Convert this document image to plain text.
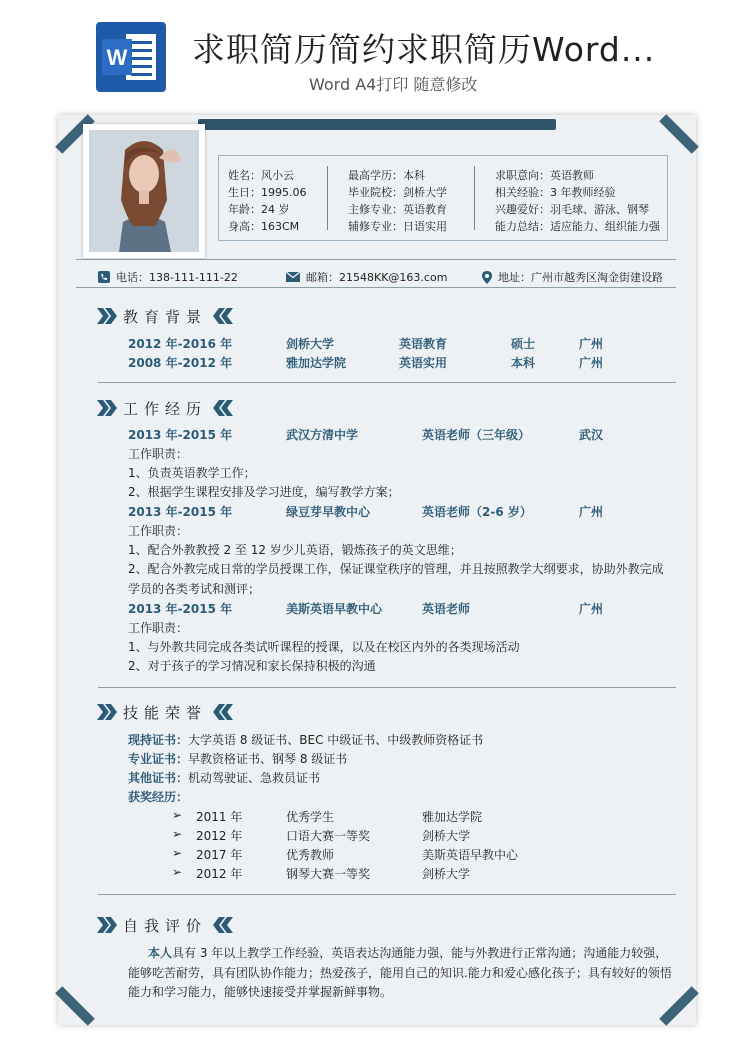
W 求职简历简约求职简历Word...
Word A4打印 随意修改
姓名：风小云
生日：1995.06
年龄：24 岁
身高：163CM
最高学历：本科
毕业院校：剑桥大学
主修专业：英语教育
辅修专业：日语实用
求职意向：英语教师
相关经验：3 年教师经验
兴趣爱好：羽毛球、游泳、钢琴
能力总结：适应能力、组织能力强
电话：138-111-111-22	邮箱：21548KK@163.com	地址：广州市越秀区淘金街建设路
教育背景
2012 年-2016 年	剑桥大学	英语教育	硕士	广州
2008 年-2012 年	雅加达学院	英语实用	本科	广州
工作经历
2013 年-2015 年	武汉方清中学	英语老师（三年级）	武汉
工作职责：
1、负责英语教学工作；
2、根据学生课程安排及学习进度，编写教学方案；
2013 年-2015 年	绿豆芽早教中心	英语老师（2-6 岁）	广州
工作职责：
1、配合外教教授 2 至 12 岁少儿英语，锻炼孩子的英文思维；
2、配合外教完成日常的学员授课工作，保证课堂秩序的管理，并且按照教学大纲要求，协助外教完成学员的各类考试和测评；
2013 年-2015 年	美斯英语早教中心	英语老师	广州
工作职责：
1、与外教共同完成各类试听课程的授课，以及在校区内外的各类现场活动
2、对于孩子的学习情况和家长保持积极的沟通
技能荣誉
现持证书：大学英语 8 级证书、BEC 中级证书、中级教师资格证书
专业证书：早教资格证书、钢琴 8 级证书
其他证书：机动驾驶证、急救员证书
获奖经历：
➢ 2011 年	优秀学生	雅加达学院
➢ 2012 年	口语大赛一等奖	剑桥大学
➢ 2017 年	优秀教师	美斯英语早教中心
➢ 2012 年	钢琴大赛一等奖	剑桥大学
自我评价
本人具有 3 年以上教学工作经验，英语表达沟通能力强，能与外教进行正常沟通；沟通能力较强，能够吃苦耐劳，具有团队协作能力；热爱孩子，能用自己的知识.能力和爱心感化孩子；具有较好的领悟能力和学习能力，能够快速接受并掌握新鲜事物。
